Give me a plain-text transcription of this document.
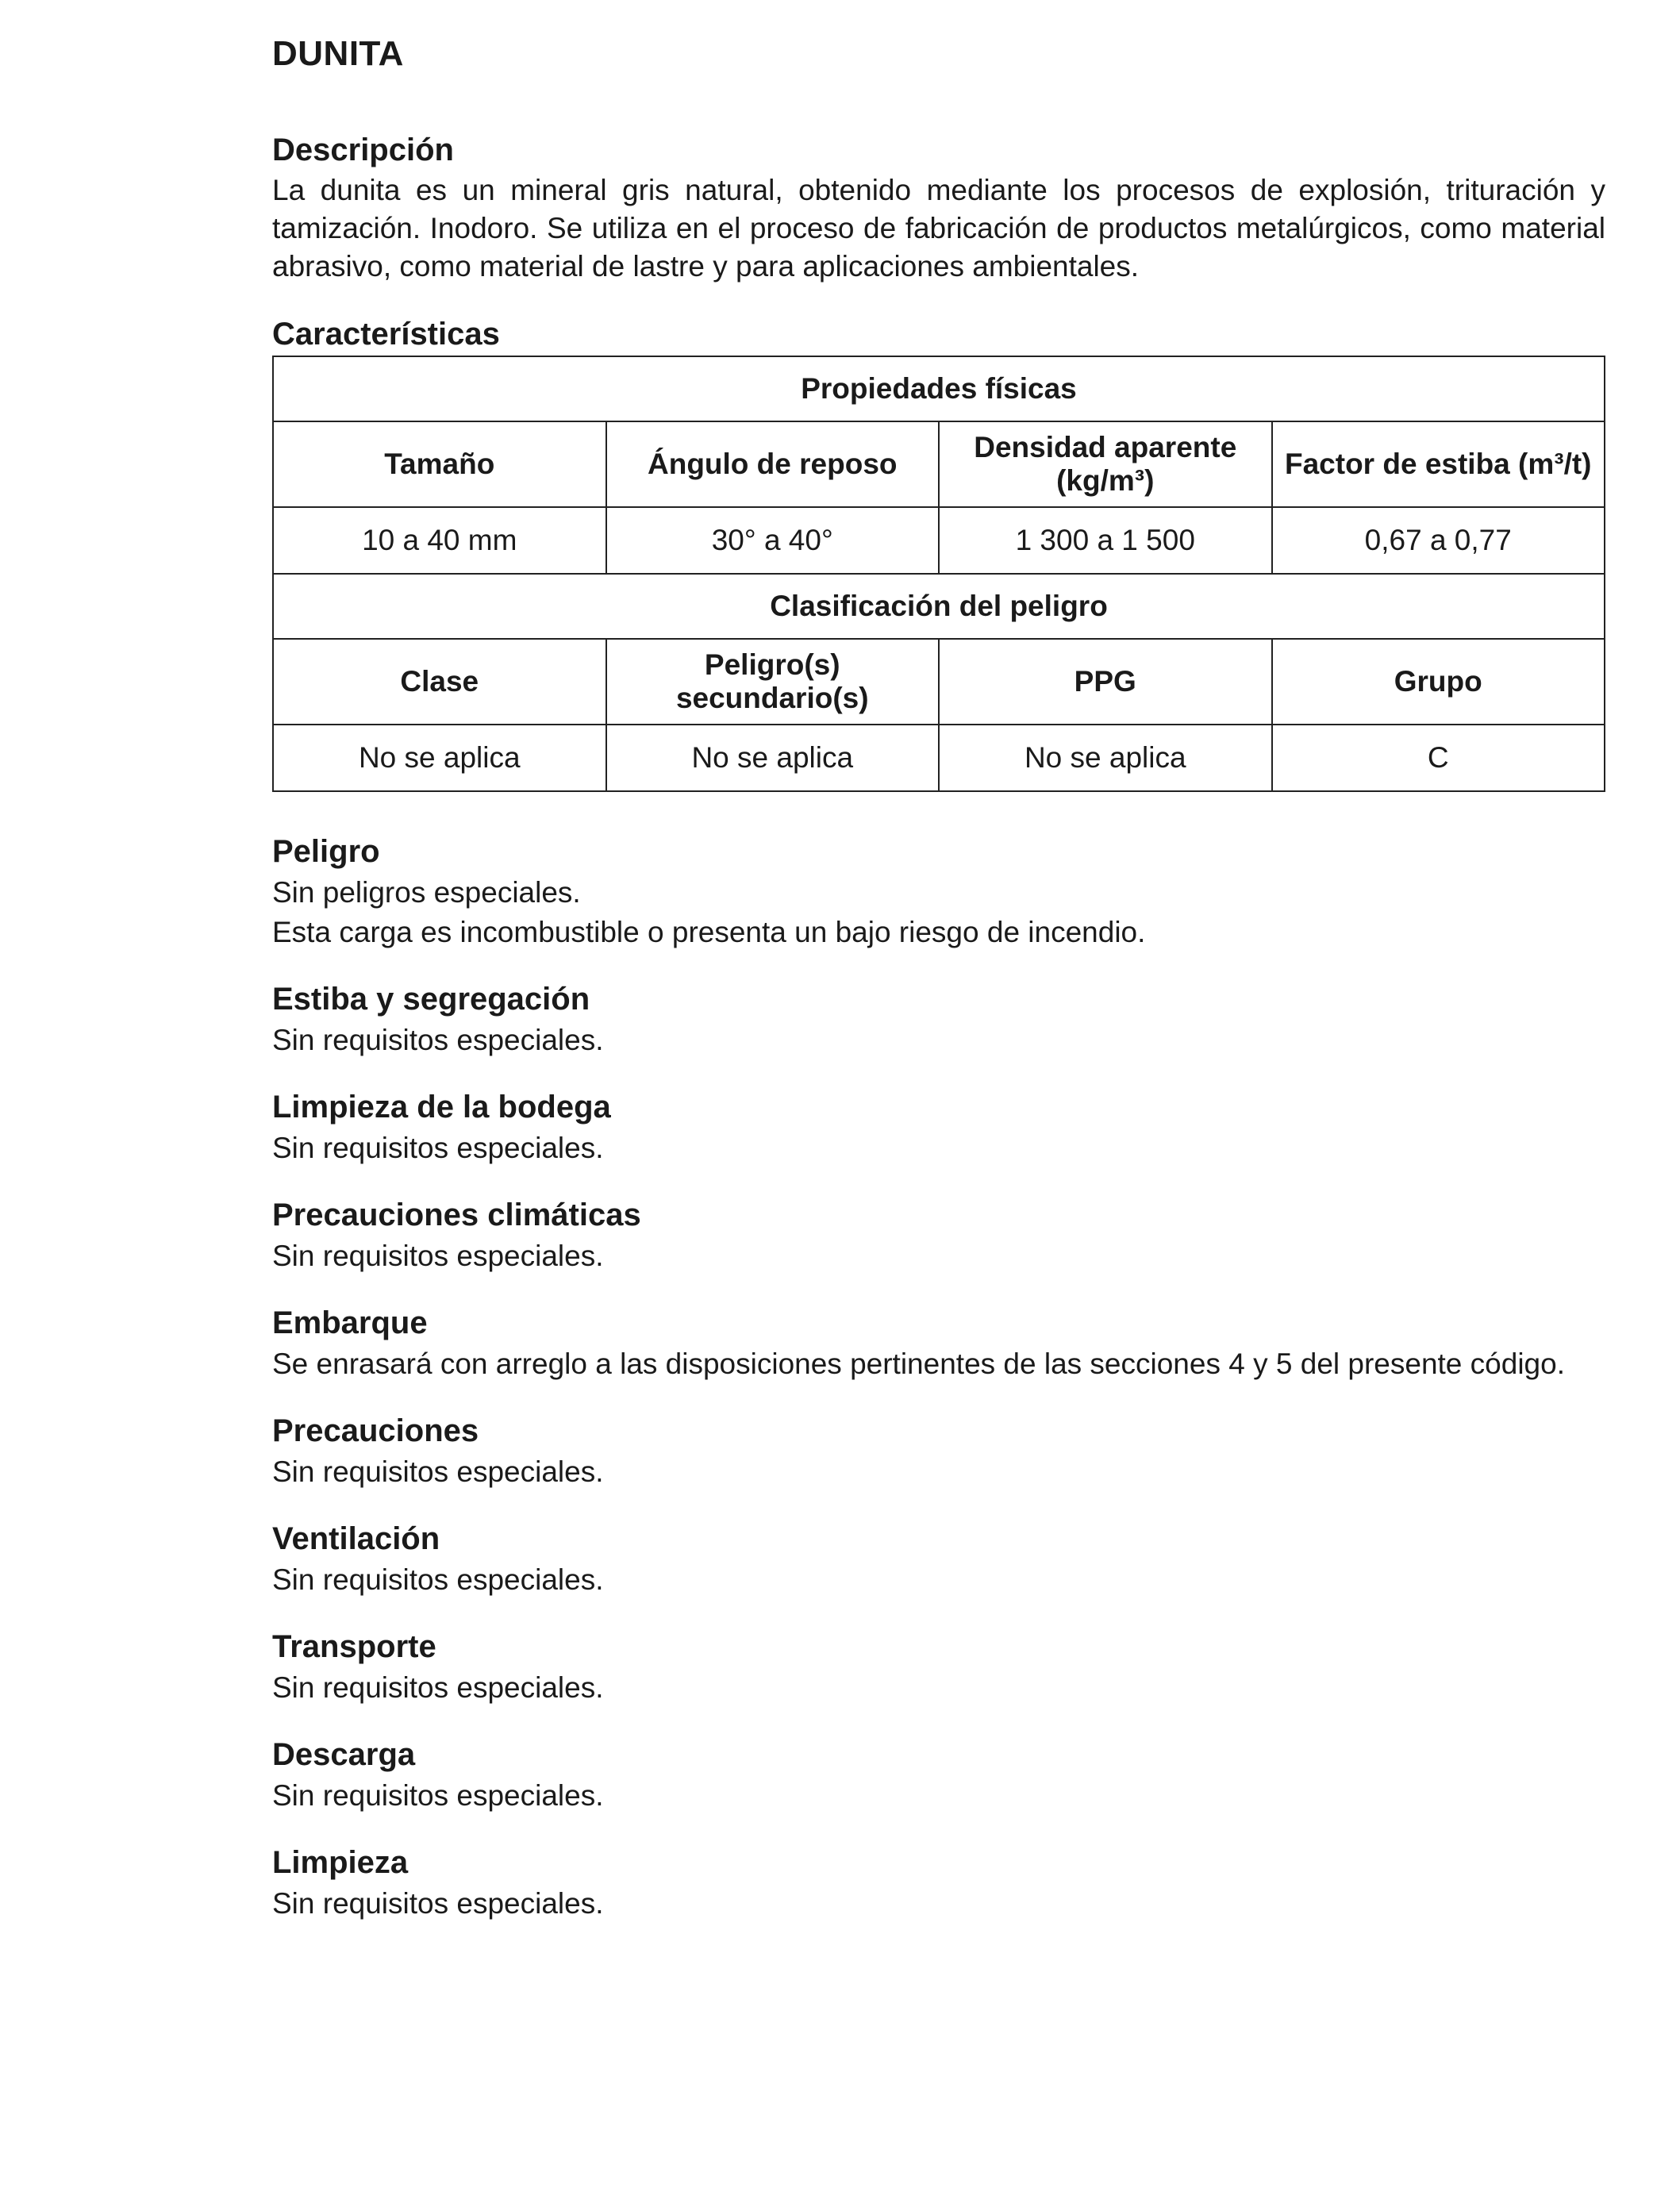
DUNITA
Descripción

La dunita es un mineral gris natural, obtenido mediante los procesos de explosión, trituración y tamización. Inodoro. Se utiliza en el proceso de fabricación de productos metalúrgicos, como material abrasivo, como material de lastre y para aplicaciones ambientales.

Características
Propiedades físicas			
Tamaño	Ángulo de reposo	Densidad aparente (kg/m³)	Factor de estiba (m³/t)
10 a 40 mm	30° a 40°	1 300 a 1 500	0,67 a 0,77
Clasificación del peligro			
Clase	Peligro(s) secundario(s)	PPG	Grupo
No se aplica	No se aplica	No se aplica	C
Peligro

Sin peligros especiales.

Esta carga es incombustible o presenta un bajo riesgo de incendio.

Estiba y segregación

Sin requisitos especiales.

Limpieza de la bodega

Sin requisitos especiales.

Precauciones climáticas

Sin requisitos especiales.

Embarque

Se enrasará con arreglo a las disposiciones pertinentes de las secciones 4 y 5 del presente código.

Precauciones

Sin requisitos especiales.

Ventilación

Sin requisitos especiales.

Transporte

Sin requisitos especiales.

Descarga

Sin requisitos especiales.

Limpieza

Sin requisitos especiales.
